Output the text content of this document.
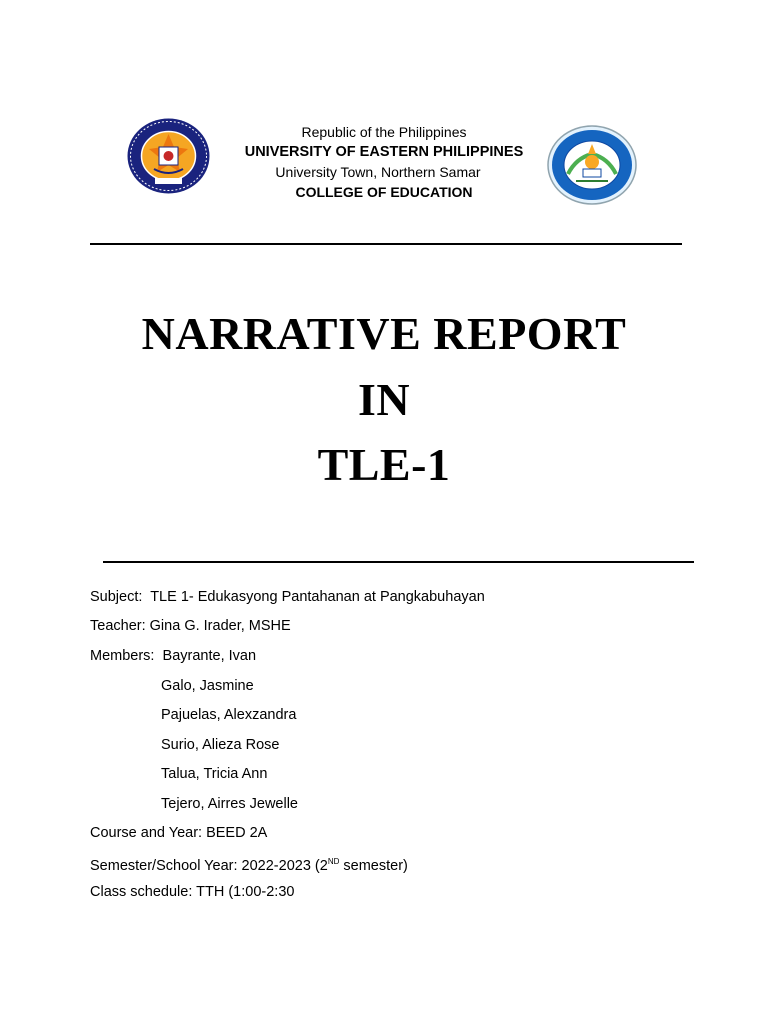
Republic of the Philippines
UNIVERSITY OF EASTERN PHILIPPINES
University Town, Northern Samar
COLLEGE OF EDUCATION
NARRATIVE REPORT
IN
TLE-1
Subject: TLE 1- Edukasyong Pantahanan at Pangkabuhayan
Teacher: Gina G. Irader, MSHE
Members: Bayrante, Ivan
Galo, Jasmine
Pajuelas, Alexzandra
Surio, Alieza Rose
Talua, Tricia Ann
Tejero, Airres Jewelle
Course and Year: BEED 2A
Semester/School Year: 2022-2023 (2ND semester)
Class schedule: TTH (1:00-2:30
